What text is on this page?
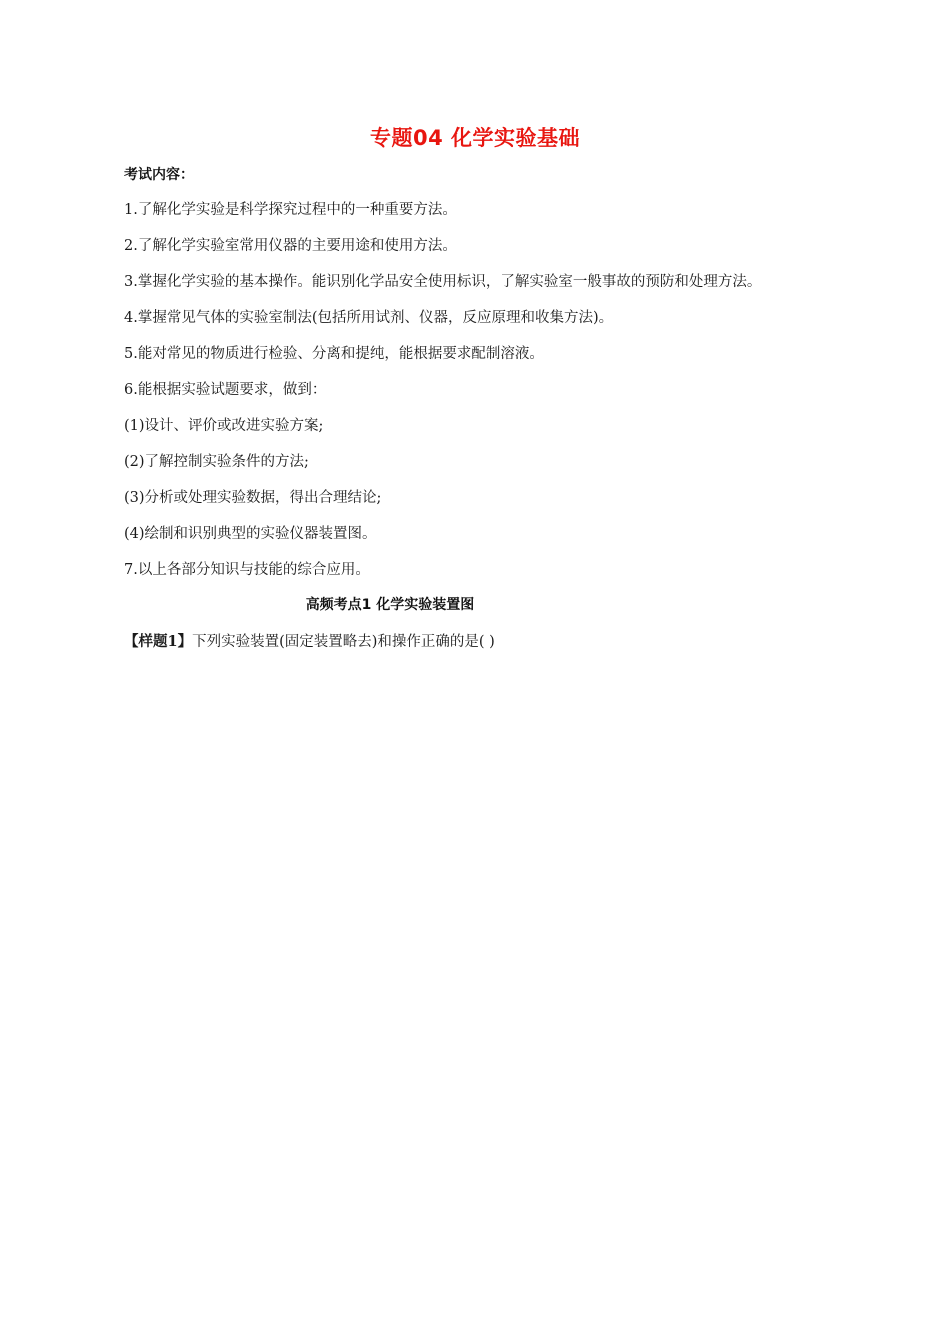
专题04 化学实验基础
考试内容：
1.了解化学实验是科学探究过程中的一种重要方法。
2.了解化学实验室常用仪器的主要用途和使用方法。
3.掌握化学实验的基本操作。能识别化学品安全使用标识，了解实验室一般事故的预防和处理方法。
4.掌握常见气体的实验室制法(包括所用试剂、仪器，反应原理和收集方法)。
5.能对常见的物质进行检验、分离和提纯，能根据要求配制溶液。
6.能根据实验试题要求，做到：
(1)设计、评价或改进实验方案;
(2)了解控制实验条件的方法;
(3)分析或处理实验数据，得出合理结论;
(4)绘制和识别典型的实验仪器装置图。
7.以上各部分知识与技能的综合应用。
高频考点1 化学实验装置图
【样题1】下列实验装置(固定装置略去)和操作正确的是( )
